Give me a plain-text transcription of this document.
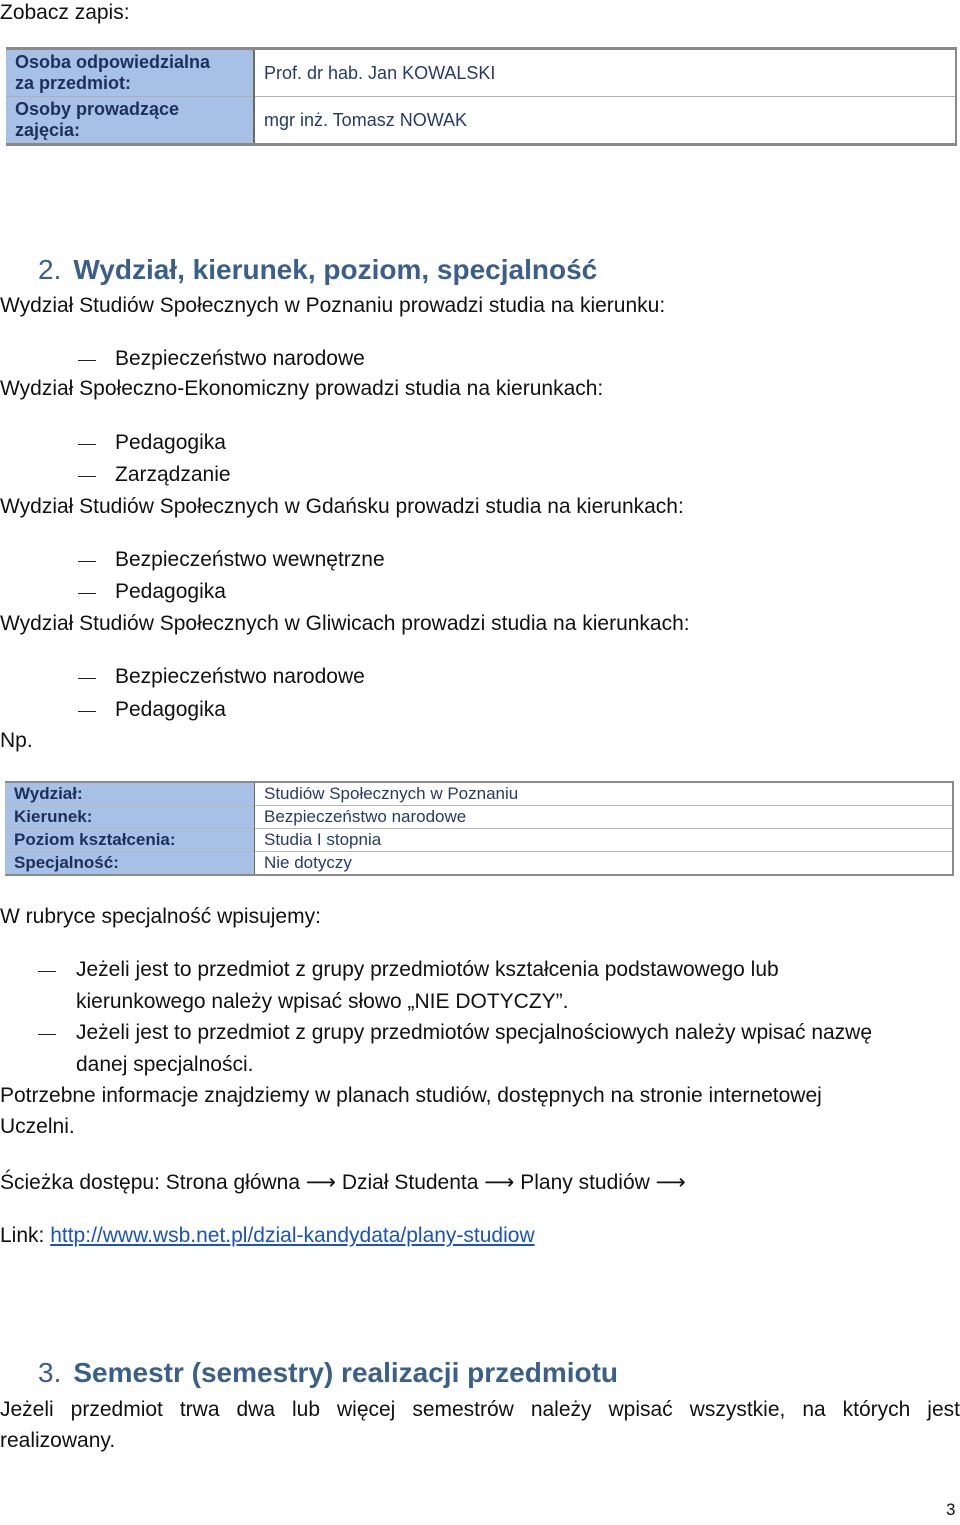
Zobacz zapis:
Osoba odpowiedzialna
za przedmiot:	Prof. dr hab. Jan KOWALSKI

Osoby prowadzące
zajęcia:	mgr inż. Tomasz NOWAK
2. Wydział, kierunek, poziom, specjalność
Wydział Studiów Społecznych w Poznaniu prowadzi studia na kierunku:
Bezpieczeństwo narodowe
Wydział Społeczno-Ekonomiczny prowadzi studia na kierunkach:
Pedagogika
Zarządzanie
Wydział Studiów Społecznych w Gdańsku prowadzi studia na kierunkach:
Bezpieczeństwo wewnętrzne
Pedagogika
Wydział Studiów Społecznych w Gliwicach prowadzi studia na kierunkach:
Bezpieczeństwo narodowe
Pedagogika
Np.
Wydział:	Studiów Społecznych w Poznaniu
Kierunek:	Bezpieczeństwo narodowe
Poziom kształcenia:	Studia I stopnia
Specjalność:	Nie dotyczy
W rubryce specjalność wpisujemy:
Jeżeli jest to przedmiot z grupy przedmiotów kształcenia podstawowego lub
kierunkowego należy wpisać słowo „NIE DOTYCZY”.
Jeżeli jest to przedmiot z grupy przedmiotów specjalnościowych należy wpisać nazwę
danej specjalności.
Potrzebne informacje znajdziemy w planach studiów, dostępnych na stronie internetowej
Uczelni.
Ścieżka dostępu: Strona główna ⟶ Dział Studenta ⟶ Plany studiów ⟶
Link: http://www.wsb.net.pl/dzial-kandydata/plany-studiow
3. Semestr (semestry) realizacji przedmiotu
Jeżeli przedmiot trwa dwa lub więcej semestrów należy wpisać wszystkie, na których jest
realizowany.
3
